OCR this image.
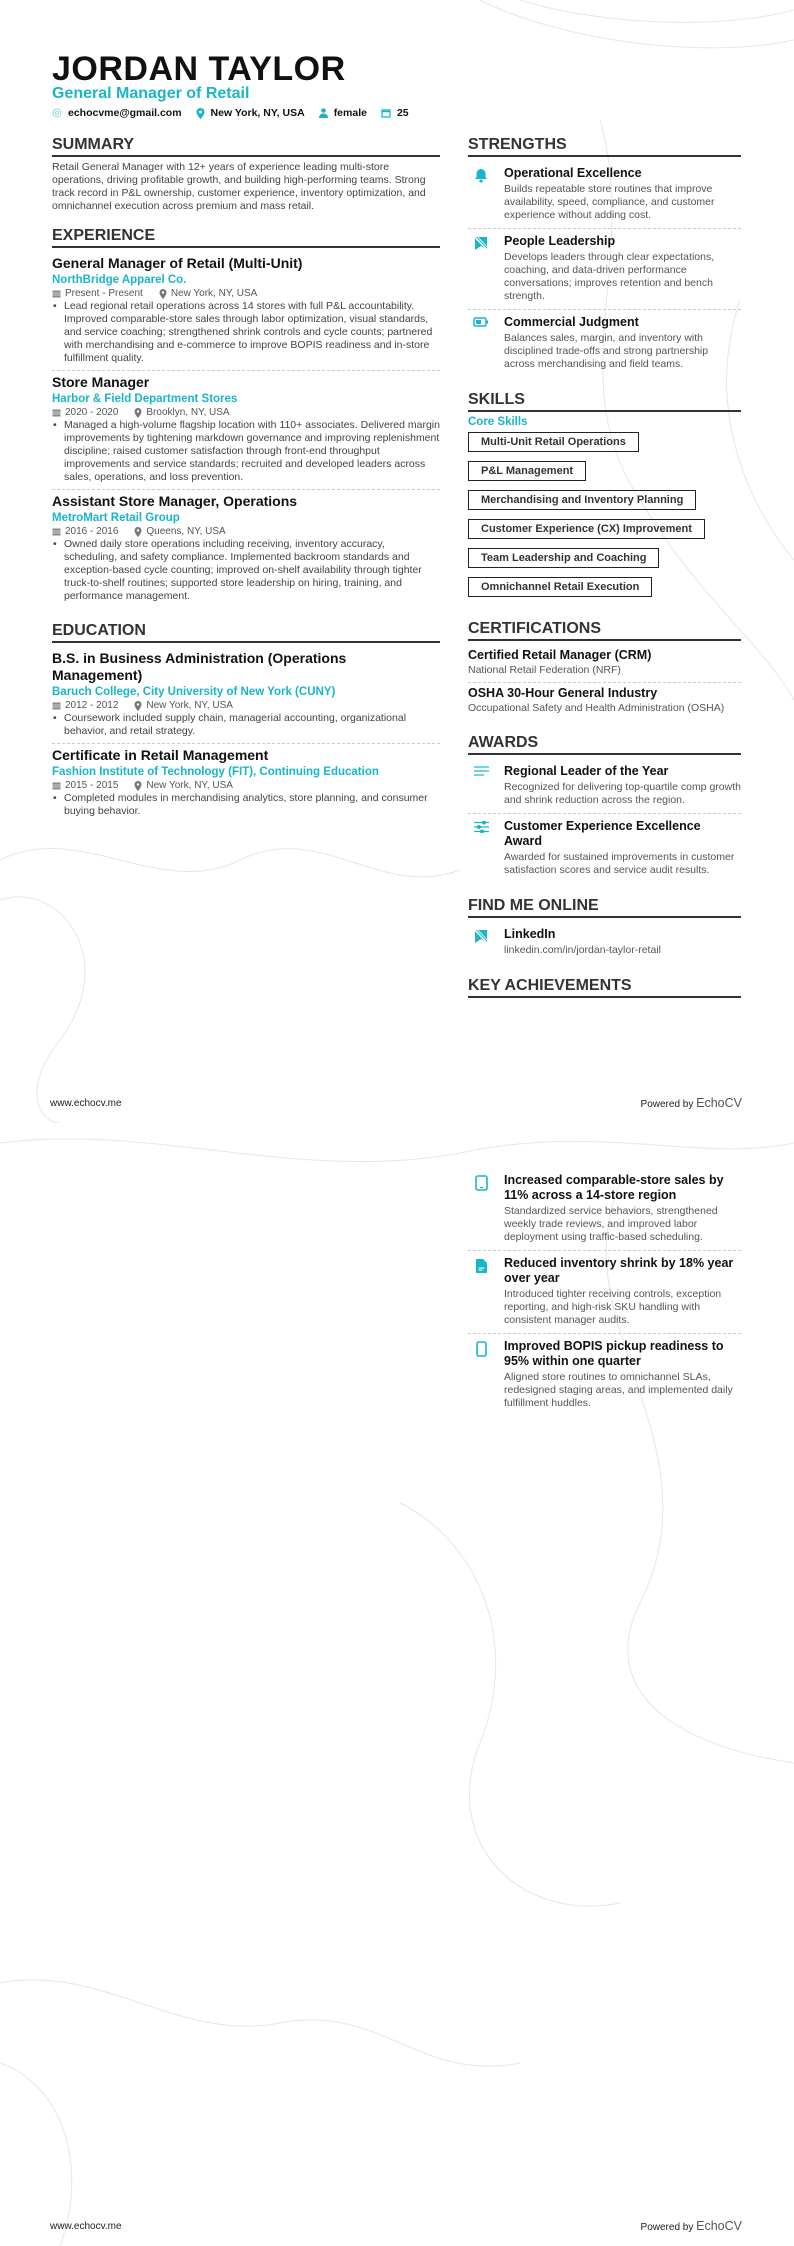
JORDAN TAYLOR
General Manager of Retail
echocvme@gmail.com	New York, NY, USA	female	25
SUMMARY
Retail General Manager with 12+ years of experience leading multi-store operations, driving profitable growth, and building high-performing teams. Strong track record in P&L ownership, customer experience, inventory optimization, and omnichannel execution across premium and mass retail.
EXPERIENCE
General Manager of Retail (Multi-Unit)
NorthBridge Apparel Co.
Present - Present	New York, NY, USA
• Lead regional retail operations across 14 stores with full P&L accountability. Improved comparable-store sales through labor optimization, visual standards, and service coaching; strengthened shrink controls and cycle counts; partnered with merchandising and e-commerce to improve BOPIS readiness and in-store fulfillment quality.
Store Manager
Harbor & Field Department Stores
2020 - 2020	Brooklyn, NY, USA
• Managed a high-volume flagship location with 110+ associates. Delivered margin improvements by tightening markdown governance and improving replenishment discipline; raised customer satisfaction through front-end throughput improvements and service standards; recruited and developed leaders across sales, operations, and loss prevention.
Assistant Store Manager, Operations
MetroMart Retail Group
2016 - 2016	Queens, NY, USA
• Owned daily store operations including receiving, inventory accuracy, scheduling, and safety compliance. Implemented backroom standards and exception-based cycle counting; improved on-shelf availability through tighter truck-to-shelf routines; supported store leadership on hiring, training, and performance management.
EDUCATION
B.S. in Business Administration (Operations Management)
Baruch College, City University of New York (CUNY)
2012 - 2012	New York, NY, USA
• Coursework included supply chain, managerial accounting, organizational behavior, and retail strategy.
Certificate in Retail Management
Fashion Institute of Technology (FIT), Continuing Education
2015 - 2015	New York, NY, USA
• Completed modules in merchandising analytics, store planning, and consumer buying behavior.
STRENGTHS
Operational Excellence
Builds repeatable store routines that improve availability, speed, compliance, and customer experience without adding cost.
People Leadership
Develops leaders through clear expectations, coaching, and data-driven performance conversations; improves retention and bench strength.
Commercial Judgment
Balances sales, margin, and inventory with disciplined trade-offs and strong partnership across merchandising and field teams.
SKILLS
Core Skills
Multi-Unit Retail Operations
P&L Management
Merchandising and Inventory Planning
Customer Experience (CX) Improvement
Team Leadership and Coaching
Omnichannel Retail Execution
CERTIFICATIONS
Certified Retail Manager (CRM)
National Retail Federation (NRF)
OSHA 30-Hour General Industry
Occupational Safety and Health Administration (OSHA)
AWARDS
Regional Leader of the Year
Recognized for delivering top-quartile comp growth and shrink reduction across the region.
Customer Experience Excellence Award
Awarded for sustained improvements in customer satisfaction scores and service audit results.
FIND ME ONLINE
LinkedIn
linkedin.com/in/jordan-taylor-retail
KEY ACHIEVEMENTS
www.echocv.me	Powered by EchoCV
www.echocv.me	Powered by EchoCV
Increased comparable-store sales by 11% across a 14-store region
Standardized service behaviors, strengthened weekly trade reviews, and improved labor deployment using traffic-based scheduling.
Reduced inventory shrink by 18% year over year
Introduced tighter receiving controls, exception reporting, and high-risk SKU handling with consistent manager audits.
Improved BOPIS pickup readiness to 95% within one quarter
Aligned store routines to omnichannel SLAs, redesigned staging areas, and implemented daily fulfillment huddles.
